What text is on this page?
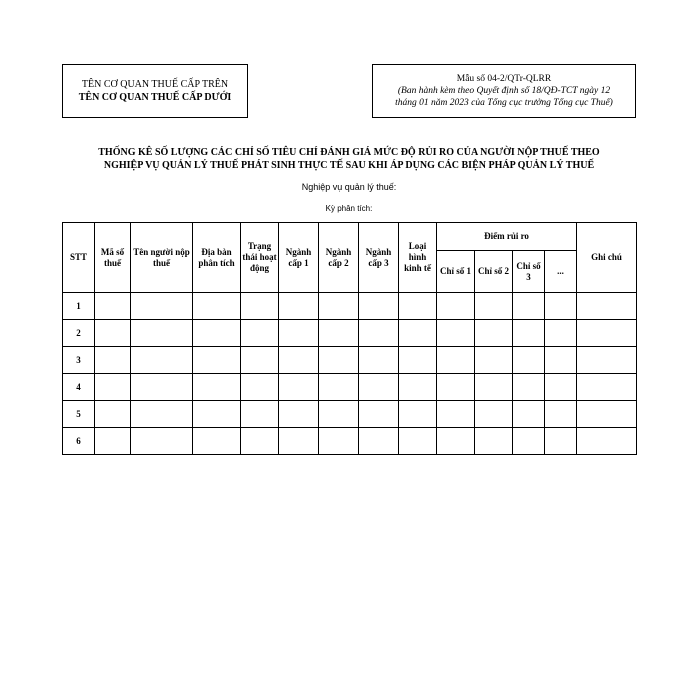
TÊN CƠ QUAN THUẾ CẤP TRÊN
TÊN CƠ QUAN THUẾ CẤP DƯỚI
Mẫu số 04-2/QTr-QLRR
(Ban hành kèm theo Quyết định số 18/QĐ-TCT ngày 12
tháng 01 năm 2023 của Tổng cục trưởng Tổng cục Thuế)
THỐNG KÊ SỐ LƯỢNG CÁC CHỈ SỐ TIÊU CHÍ ĐÁNH GIÁ MỨC ĐỘ RỦI RO CỦA NGƯỜI NỘP THUẾ THEO
NGHIỆP VỤ QUẢN LÝ THUẾ PHÁT SINH THỰC TẾ SAU KHI ÁP DỤNG CÁC BIỆN PHÁP QUẢN LÝ THUẾ
Nghiệp vụ quản lý thuế:
Kỳ phân tích:
STT	Mã số thuế	Tên người nộp thuế	Địa bàn phân tích	Trạng thái hoạt động	Ngành cấp 1	Ngành cấp 2	Ngành cấp 3	Loại hình kinh tế	Điểm rủi ro				Ghi chú
									Chỉ số 1	Chỉ số 2	Chỉ số 3	...	
1													
2													
3													
4													
5													
6													
